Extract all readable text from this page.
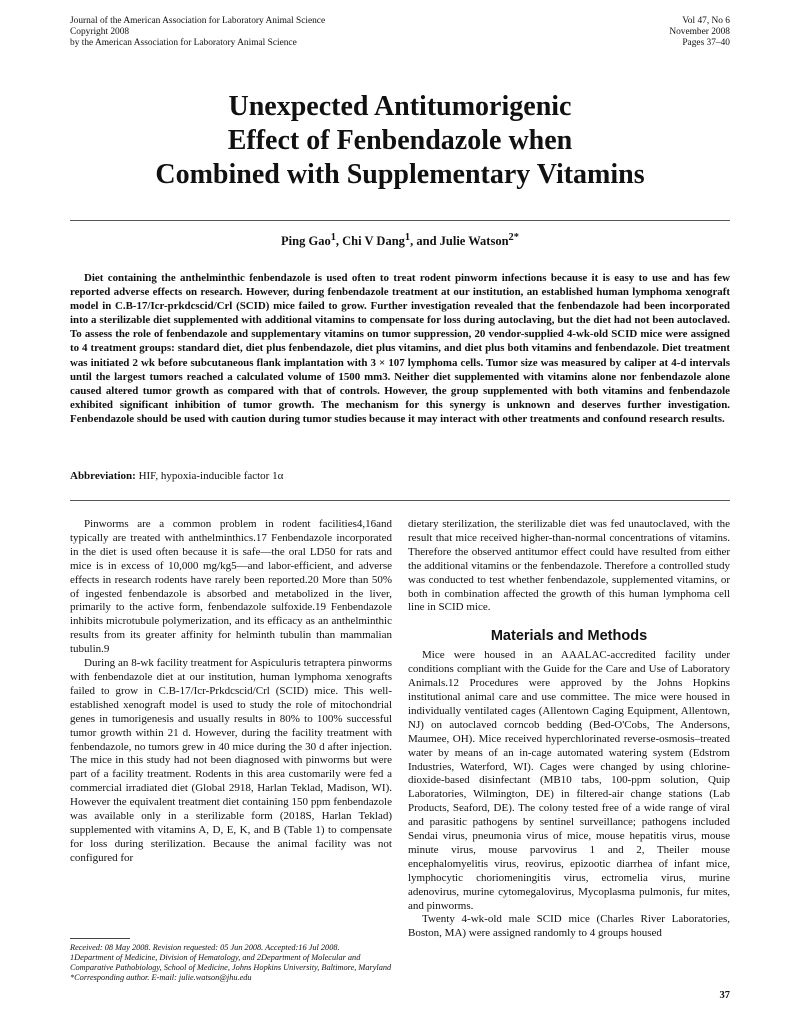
Journal of the American Association for Laboratory Animal Science
Copyright 2008
by the American Association for Laboratory Animal Science
Vol 47, No 6
November 2008
Pages 37–40
Unexpected Antitumorigenic
Effect of Fenbendazole when
Combined with Supplementary Vitamins
Ping Gao$^1$, Chi V Dang$^1$, and Julie Watson$^{2*}$

Diet containing the anthelminthic fenbendazole is used often to treat rodent pinworm infections because it is easy to use and has few reported adverse effects on research. However, during fenbendazole treatment at our institution, an established human lymphoma xenograft model in C.B-17/Icr-prkdcscid/Crl (SCID) mice failed to grow. Further investigation revealed that the fenbendazole had been incorporated into a sterilizable diet supplemented with additional vitamins to compensate for loss during autoclaving, but the diet had not been autoclaved. To assess the role of fenbendazole and supplementary vitamins on tumor suppression, 20 vendor-supplied 4-wk-old SCID mice were assigned to 4 treatment groups: standard diet, diet plus fenbendazole, diet plus vitamins, and diet plus both vitamins and fenbendazole. Diet treatment was initiated 2 wk before subcutaneous flank implantation with 3 × 107 lymphoma cells. Tumor size was measured by caliper at 4-d intervals until the largest tumors reached a calculated volume of 1500 mm3. Neither diet supplemented with vitamins alone nor fenbendazole alone caused altered tumor growth as compared with that of controls. However, the group supplemented with both vitamins and fenbendazole exhibited significant inhibition of tumor growth. The mechanism for this synergy is unknown and deserves further investigation. Fenbendazole should be used with caution during tumor studies because it may interact with other treatments and confound research results.

Abbreviation: HIF, hypoxia-inducible factor 1α

Pinworms are a common problem in rodent facilities4,16and typically are treated with anthelminthics.17 Fenbendazole incorporated in the diet is used often because it is safe—the oral LD50 for rats and mice is in excess of 10,000 mg/kg5—and labor-efficient, and adverse effects in research rodents have rarely been reported.20 More than 50% of ingested fenbendazole is absorbed and metabolized in the liver, primarily to the active form, fenbendazole sulfoxide.19 Fenbendazole inhibits microtubule polymerization, and its efficacy as an anthelminthic results from its greater affinity for helminth tubulin than mammalian tubulin.9

During an 8-wk facility treatment for Aspiculuris tetraptera pinworms with fenbendazole diet at our institution, human lymphoma xenografts failed to grow in C.B-17/Icr-Prkdcscid/Crl (SCID) mice. This well-established xenograft model is used to study the role of mitochondrial genes in tumorigenesis and usually results in 80% to 100% successful tumor growth within 21 d. However, during the facility treatment with fenbendazole, no tumors grew in 40 mice during the 30 d after injection. The mice in this study had not been diagnosed with pinworms but were part of a facility treatment. Rodents in this area customarily were fed a commercial irradiated diet (Global 2918, Harlan Teklad, Madison, WI). However the equivalent treatment diet containing 150 ppm fenbendazole was available only in a sterilizable form (2018S, Harlan Teklad) supplemented with vitamins A, D, E, K, and B (Table 1) to compensate for loss during sterilization. Because the animal facility was not configured for

dietary sterilization, the sterilizable diet was fed unautoclaved, with the result that mice received higher-than-normal concentrations of vitamins. Therefore the observed antitumor effect could have resulted from either the additional vitamins or the fenbendazole. Therefore a controlled study was conducted to test whether fenbendazole, supplemented vitamins, or both in combination affected the growth of this human lymphoma cell line in SCID mice.

Materials and Methods

Mice were housed in an AAALAC-accredited facility under conditions compliant with the Guide for the Care and Use of Laboratory Animals.12 Procedures were approved by the Johns Hopkins institutional animal care and use committee. The mice were housed in individually ventilated cages (Allentown Caging Equipment, Allentown, NJ) on autoclaved corncob bedding (Bed-O'Cobs, The Andersons, Maumee, OH). Mice received hyperchlorinated reverse-osmosis–treated water by means of an in-cage automated watering system (Edstrom Industries, Waterford, WI). Cages were changed by using chlorine-dioxide-based disinfectant (MB10 tabs, 100-ppm solution, Quip Laboratories, Wilmington, DE) in filtered-air change stations (Lab Products, Seaford, DE). The colony tested free of a wide range of viral and parasitic pathogens by sentinel surveillance; pathogens included Sendai virus, pneumonia virus of mice, mouse hepatitis virus, mouse minute virus, mouse parvovirus 1 and 2, Theiler mouse encephalomyelitis virus, reovirus, epizootic diarrhea of infant mice, lymphocytic choriomeningitis virus, ectromelia virus, murine adenovirus, murine cytomegalovirus, Mycoplasma pulmonis, fur mites, and pinworms.

Twenty 4-wk-old male SCID mice (Charles River Laboratories, Boston, MA) were assigned randomly to 4 groups housed

Received: 08 May 2008. Revision requested: 05 Jun 2008. Accepted:16 Jul 2008.

1Department of Medicine, Division of Hematology, and 2Department of Molecular and Comparative Pathobiology, School of Medicine, Johns Hopkins University, Baltimore, Maryland

*Corresponding author. E-mail: julie.watson@jhu.edu

37
